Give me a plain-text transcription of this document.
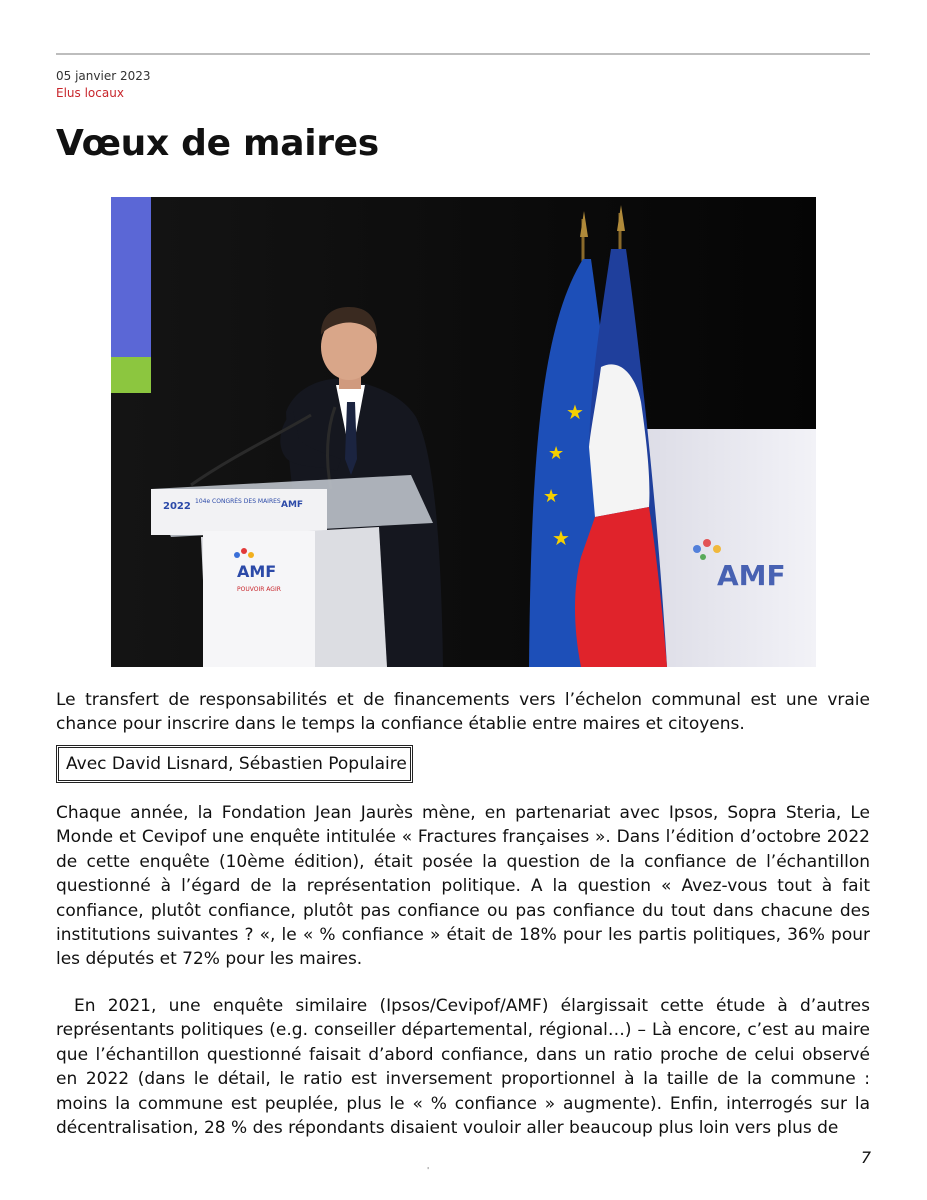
05 janvier 2023
Elus locaux
Vœux de maires
AMF
★
★
★
★
2022 104e CONGRÈS DES MAIRES AMF
AMF
POUVOIR AGIR
Le transfert de responsabilités et de financements vers l’échelon communal est une vraie chance pour inscrire dans le temps la confiance établie entre maires et citoyens.
Avec David Lisnard, Sébastien Populaire
Chaque année, la Fondation Jean Jaurès mène, en partenariat avec Ipsos, Sopra Steria, Le Monde et Cevipof une enquête intitulée « Fractures françaises ». Dans l’édition d’octobre 2022 de cette enquête (10ème édition), était posée la question de la confiance de l’échantillon questionné à l’égard de la représentation politique. A la question « Avez-vous tout à fait confiance, plutôt confiance, plutôt pas confiance ou pas confiance du tout dans chacune des institutions suivantes ? «, le « % confiance » était de 18% pour les partis politiques, 36% pour les députés et 72% pour les maires.
En 2021, une enquête similaire (Ipsos/Cevipof/AMF) élargissait cette étude à d’autres représentants politiques (e.g. conseiller départemental, régional…) – Là encore, c’est au maire que l’échantillon questionné faisait d’abord confiance, dans un ratio proche de celui observé en 2022 (dans le détail, le ratio est inversement proportionnel à la taille de la commune : moins la commune est peuplée, plus le « % confiance » augmente). Enfin, interrogés sur la décentralisation, 28 % des répondants disaient vouloir aller beaucoup plus loin vers plus de
'
7
